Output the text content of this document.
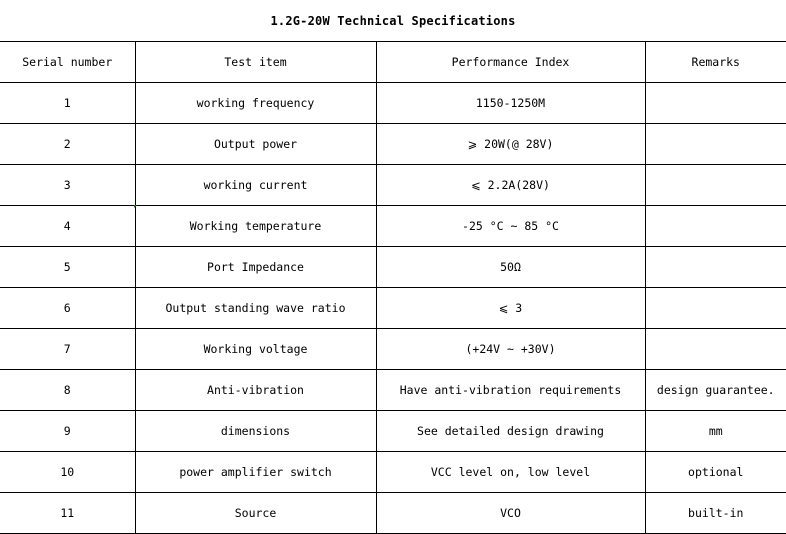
1.2G-20W Technical Specifications
Serial number	Test item	Performance Index	Remarks
1	working frequency	1150-1250M	
2	Output power	⩾ 20W(@ 28V)	
3	working current	⩽ 2.2A(28V)	
4	Working temperature	-25 °C ~ 85 °C	
5	Port Impedance	50Ω	
6	Output standing wave ratio	⩽ 3	
7	Working voltage	(+24V ~ +30V)	
8	Anti-vibration	Have anti-vibration requirements	design guarantee.
9	dimensions	See detailed design drawing	mm
10	power amplifier switch	VCC level on, low level	optional
11	Source	VCO	built-in
